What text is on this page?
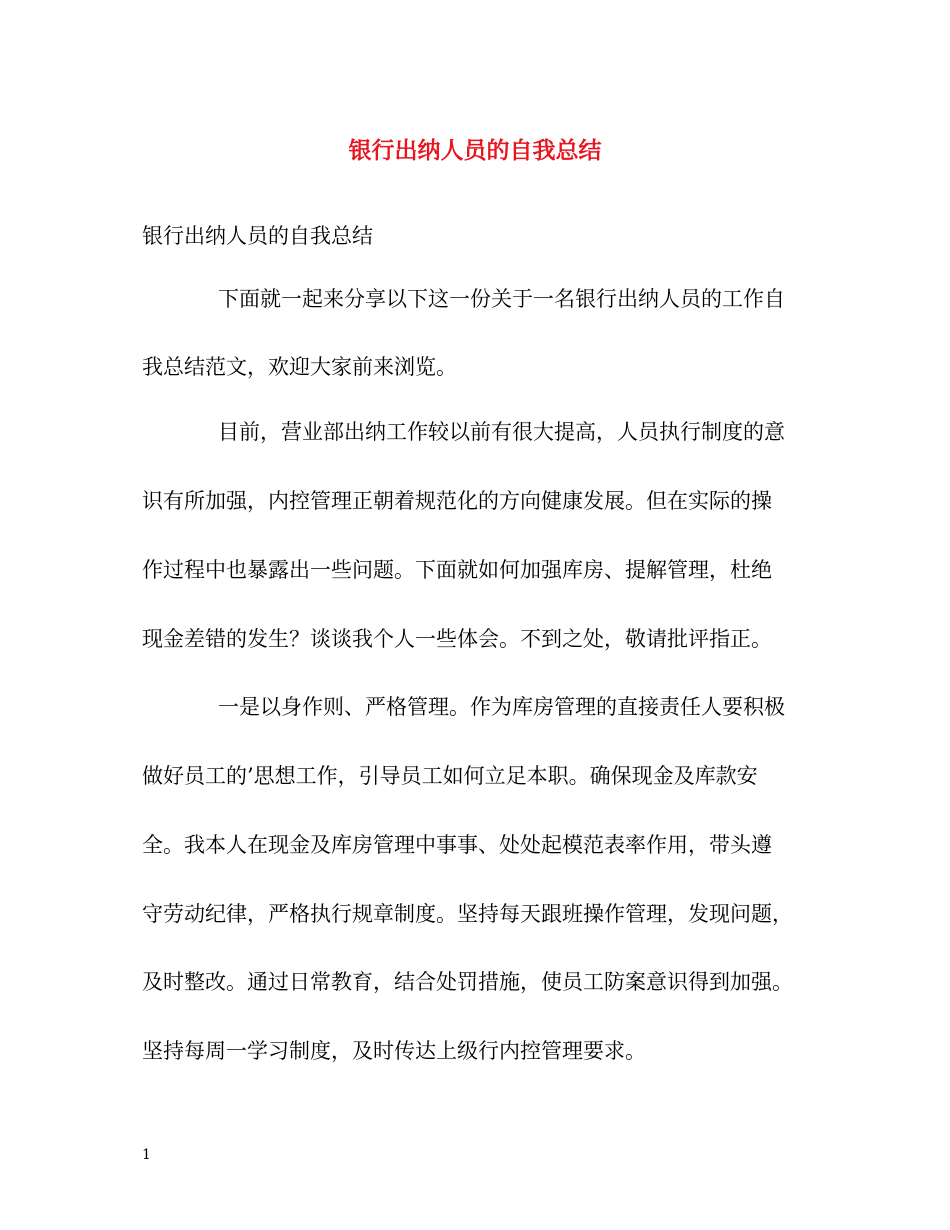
银行出纳人员的自我总结
银行出纳人员的自我总结
下面就一起来分享以下这一份关于一名银行出纳人员的工作自
我总结范文，欢迎大家前来浏览。
目前，营业部出纳工作较以前有很大提高，人员执行制度的意
识有所加强，内控管理正朝着规范化的方向健康发展。但在实际的操
作过程中也暴露出一些问题。下面就如何加强库房、提解管理，杜绝
现金差错的发生？谈谈我个人一些体会。不到之处，敬请批评指正。
一是以身作则、严格管理。作为库房管理的直接责任人要积极
做好员工的’思想工作，引导员工如何立足本职。确保现金及库款安
全。我本人在现金及库房管理中事事、处处起模范表率作用，带头遵
守劳动纪律，严格执行规章制度。坚持每天跟班操作管理，发现问题，
及时整改。通过日常教育，结合处罚措施，使员工防案意识得到加强。
坚持每周一学习制度，及时传达上级行内控管理要求。
1
